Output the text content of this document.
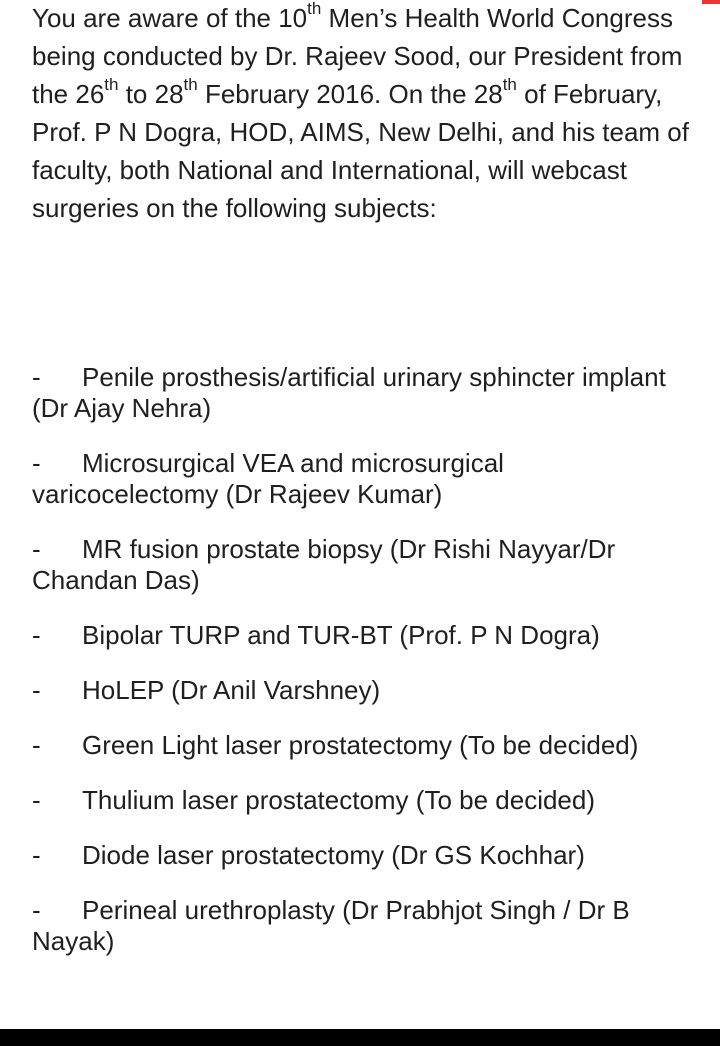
You are aware of the 10th Men’s Health World Congress being conducted by Dr. Rajeev Sood, our President from the 26th to 28th February 2016. On the 28th of February, Prof. P N Dogra, HOD, AIMS, New Delhi, and his team of faculty, both National and International, will webcast surgeries on the following subjects:

- Penile prosthesis/artificial urinary sphincter implant (Dr Ajay Nehra)
- Microsurgical VEA and microsurgical varicocelectomy (Dr Rajeev Kumar)
- MR fusion prostate biopsy (Dr Rishi Nayyar/Dr Chandan Das)
- Bipolar TURP and TUR-BT (Prof. P N Dogra)
- HoLEP (Dr Anil Varshney)
- Green Light laser prostatectomy (To be decided)
- Thulium laser prostatectomy (To be decided)
- Diode laser prostatectomy (Dr GS Kochhar)
- Perineal urethroplasty (Dr Prabhjot Singh / Dr B Nayak)
